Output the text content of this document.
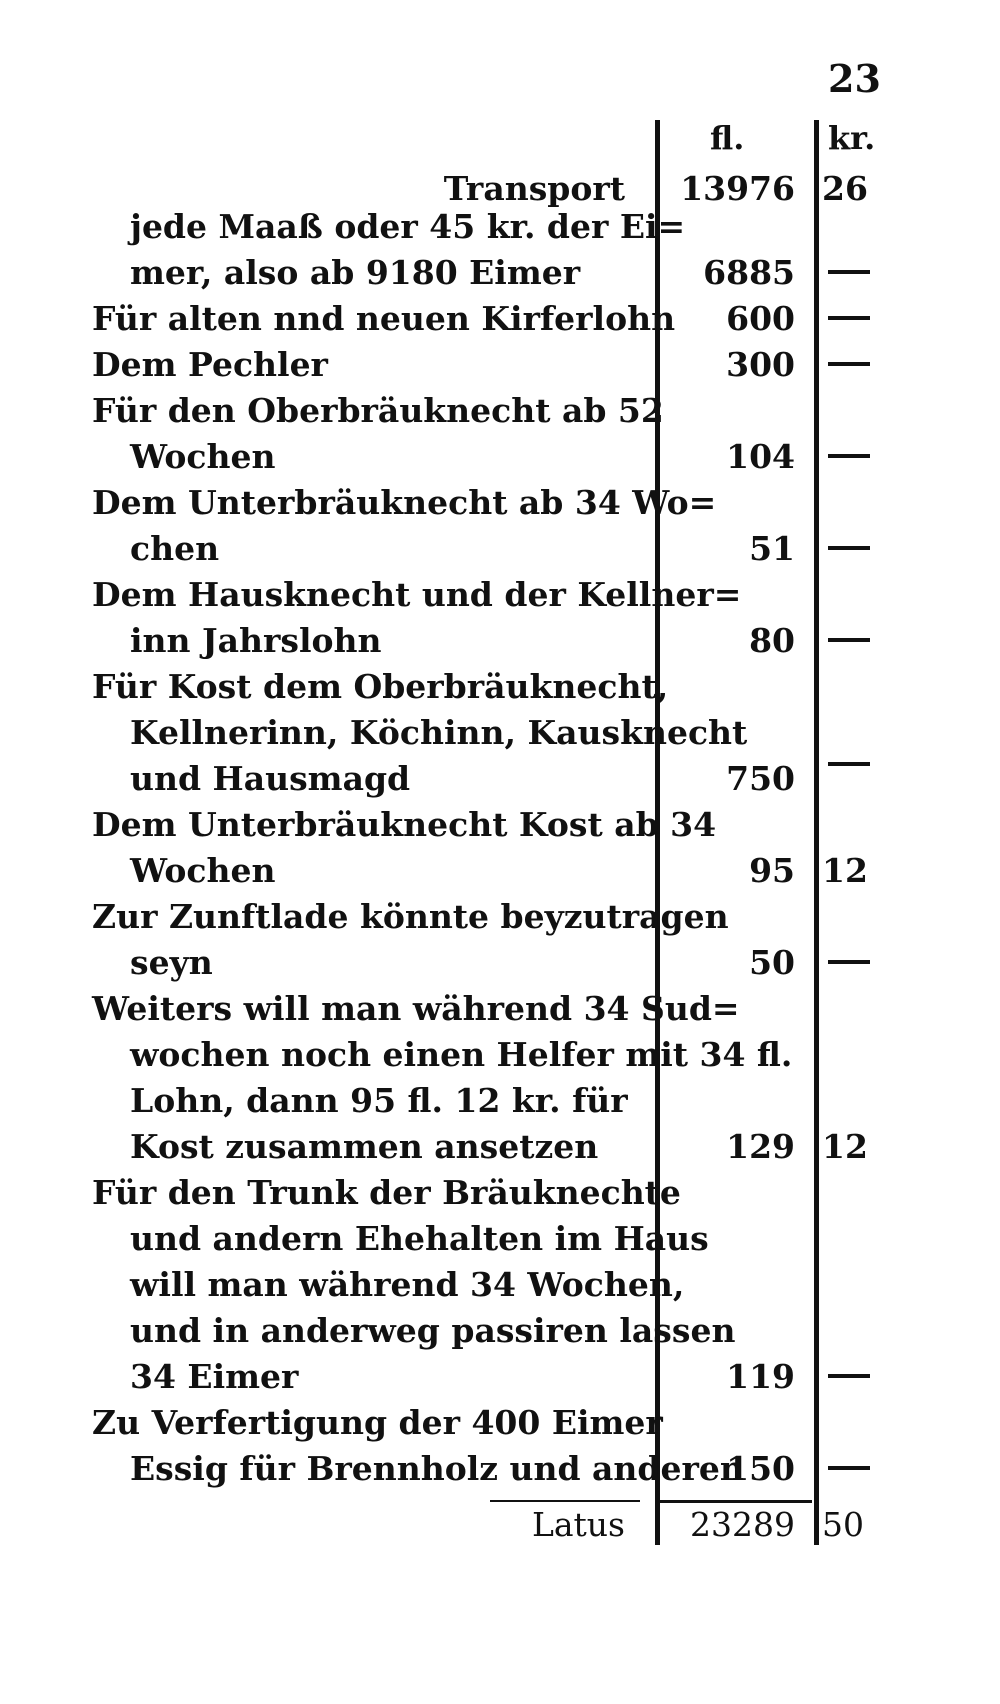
23
fl.	kr.
Transport 13976 26
jede Maaß oder 45 kr. der Ei=
mer, also ab 9180 Eimer
Für alten nnd neuen Kirferlohn
Dem Pechler
Für den Oberbräuknecht ab 52
Wochen
Dem Unterbräuknecht ab 34 Wo=
chen
Dem Hausknecht und der Kellner=
inn Jahrslohn
Für Kost dem Oberbräuknecht,
Kellnerinn, Köchinn, Kausknecht
und Hausmagd
Dem Unterbräuknecht Kost ab 34
Wochen
Zur Zunftlade könnte beyzutragen
seyn
Weiters will man während 34 Sud=
wochen noch einen Helfer mit 34 fl.
Lohn, dann 95 fl. 12 kr. für
Kost zusammen ansetzen
Für den Trunk der Bräuknechte
und andern Ehehalten im Haus
will man während 34 Wochen,
und in anderweg passiren lassen
34 Eimer
Zu Verfertigung der 400 Eimer
Essig für Brennholz und anderen
6885
600
300
104
51
80
750
95
50
129
119
150
12
12
Latus 23289 50
